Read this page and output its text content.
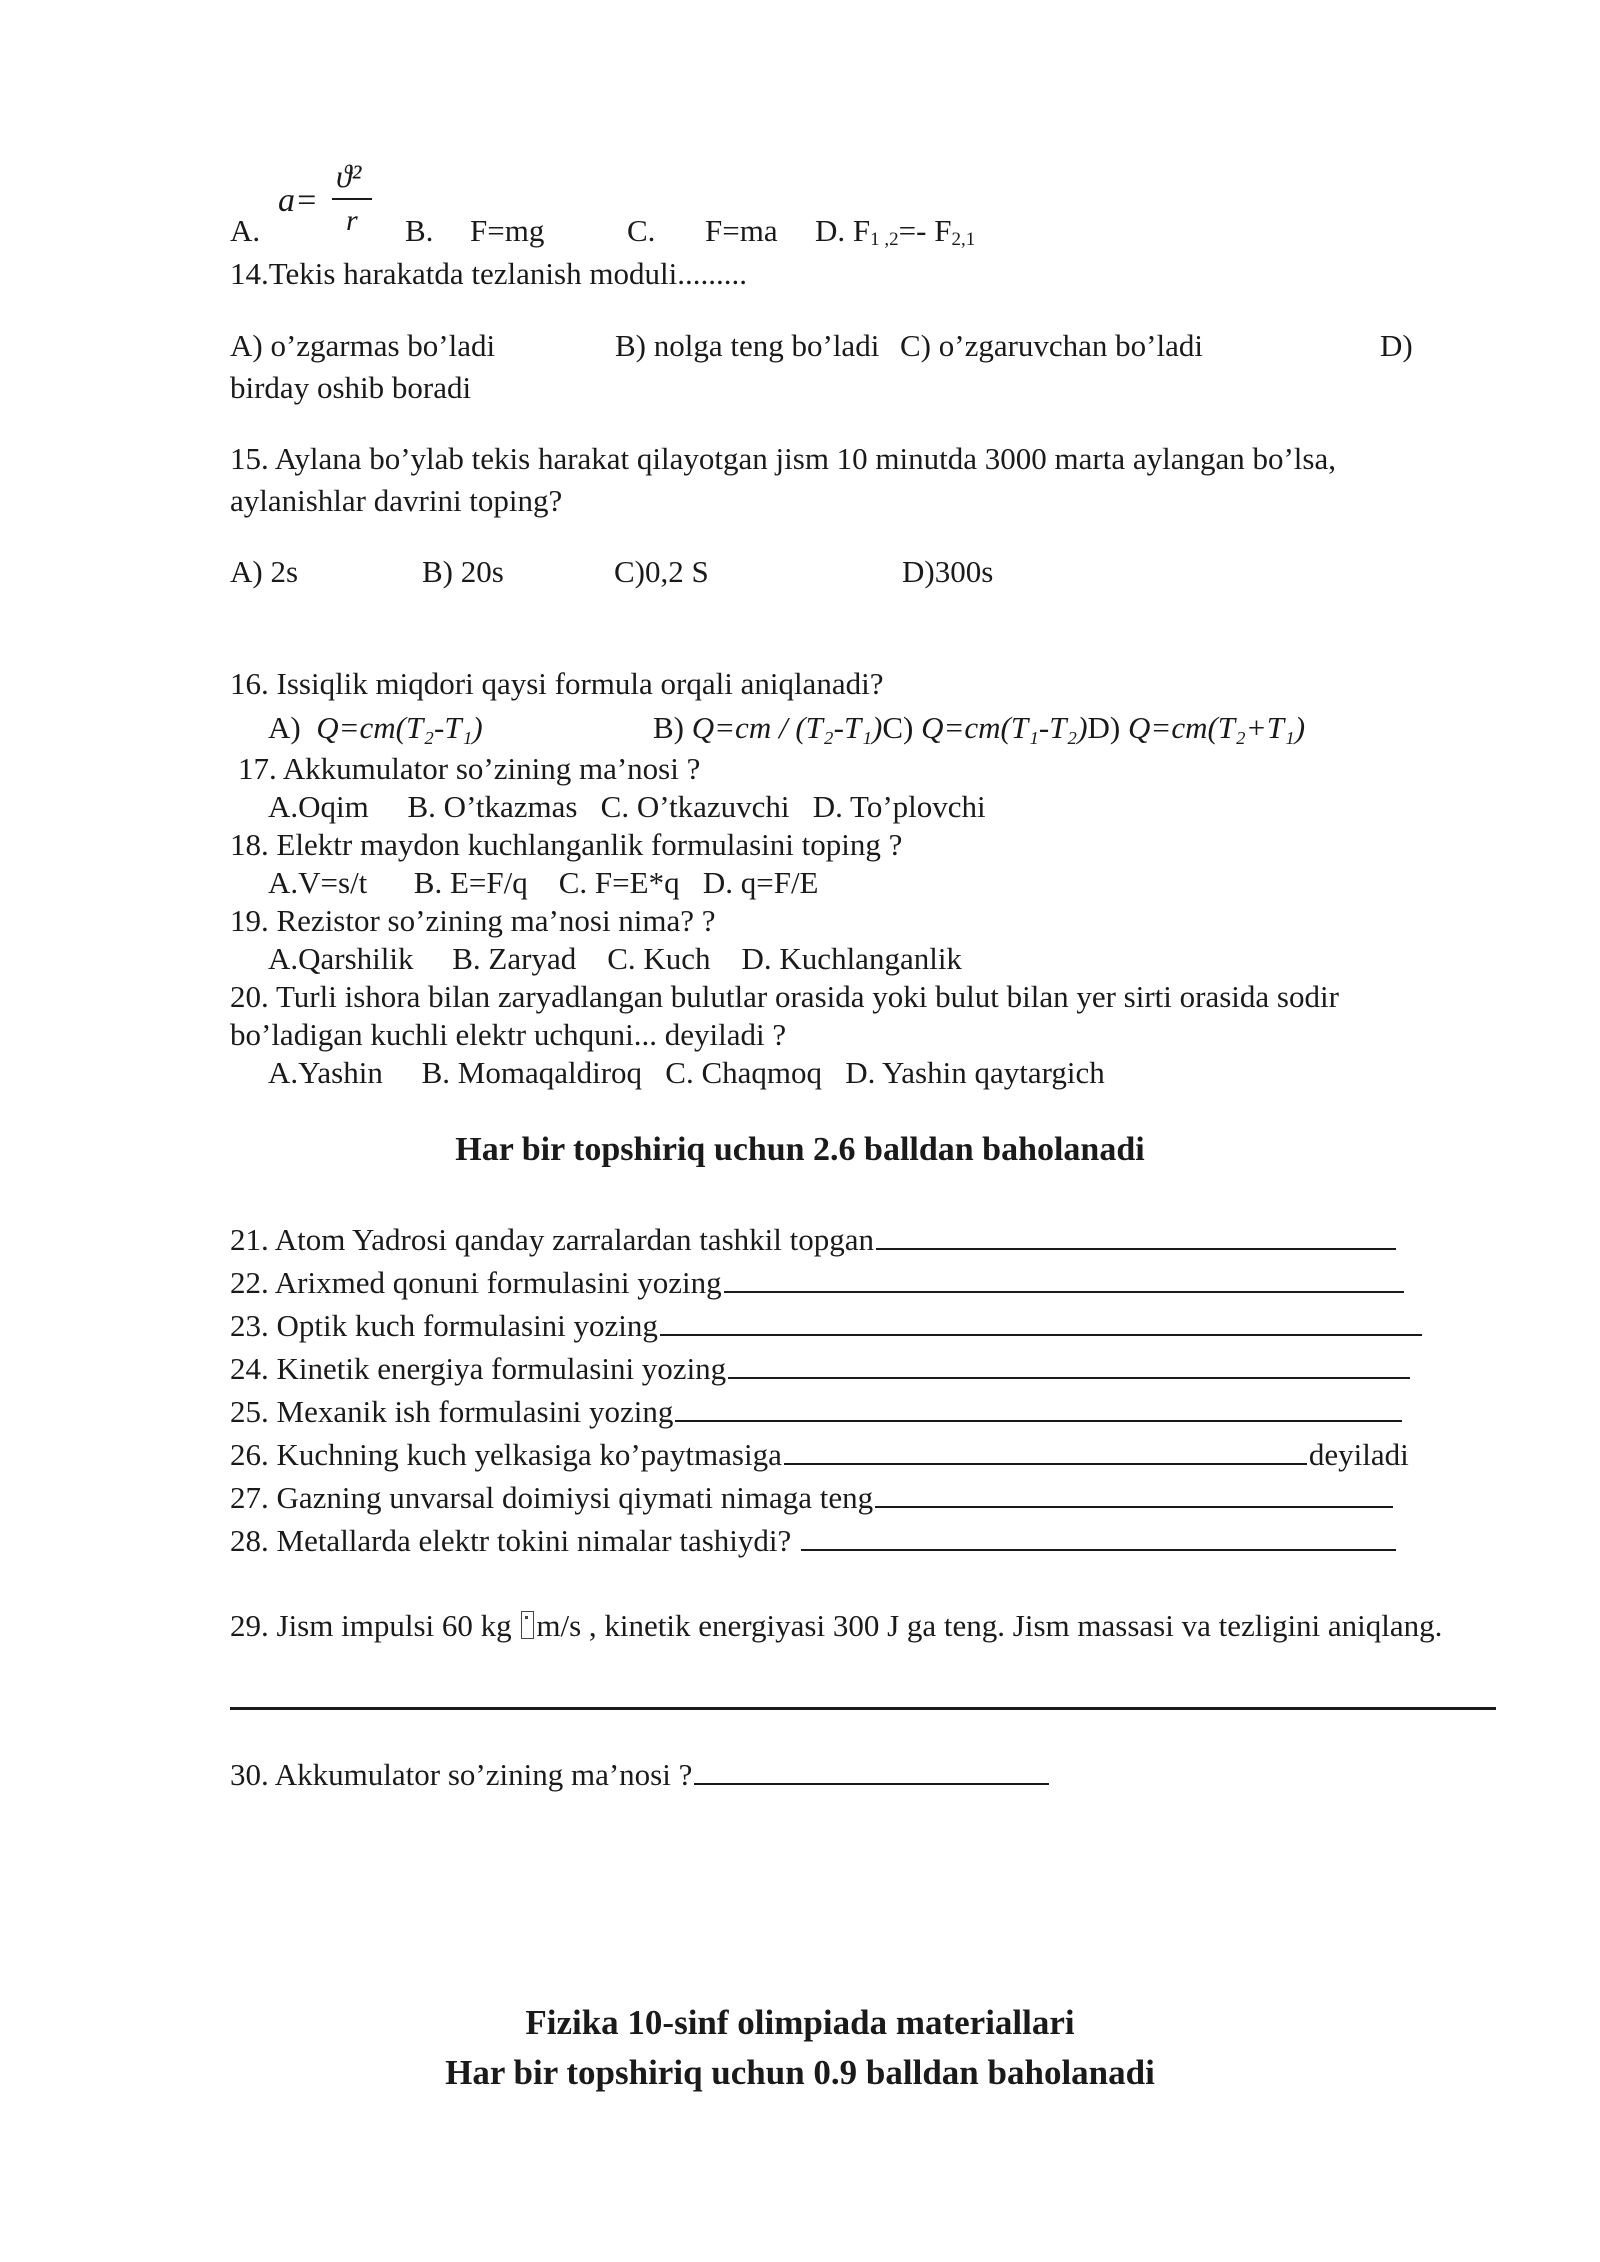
A.
a=
ϑ²
r B. F=mg	C. F=ma D. $F_{1 ,2}=-$ $F_{2,1}$
14.Tekis harakatda tezlanish moduli.........
A) o’zgarmas bo’ladi	B) nolga teng bo’ladi C) o’zgaruvchan bo’ladi	D)
birday oshib boradi
15. Aylana bo’ylab tekis harakat qilayotgan jism 10 minutda 3000 marta aylangan bo’lsa,
aylanishlar davrini toping?
A) 2s	B) 20s	C)0,2 S	D)300s
16. Issiqlik miqdori qaysi formula orqali aniqlanadi?
A) Q=cm(T₂-T₁)	B) Q=cm / (T₂-T₁)C) Q=cm(T₁-T₂)D) Q=cm(T₂+T₁)
17. Akkumulator so’zining ma’nosi ?
A.Oqim     B. O’tkazmas   C. O’tkazuvchi   D. To’plovchi
18. Elektr maydon kuchlanganlik formulasini toping ?
A.V=s/t      B. E=F/q    C. F=E*q   D. q=F/E
19. Rezistor so’zining ma’nosi nima? ?
A.Qarshilik     B. Zaryad    C. Kuch    D. Kuchlanganlik
20. Turli ishora bilan zaryadlangan bulutlar orasida yoki bulut bilan yer sirti orasida sodir
bo’ladigan kuchli elektr uchquni... deyiladi ?
A.Yashin     B. Momaqaldiroq   C. Chaqmoq   D. Yashin qaytargich
Har bir topshiriq uchun 2.6 balldan baholanadi
21. Atom Yadrosi qanday zarralardan tashkil topgan
22. Arixmed qonuni formulasini yozing
23. Optik kuch formulasini yozing
24. Kinetik energiya formulasini yozing
25. Mexanik ish formulasini yozing
26. Kuchning kuch yelkasiga ko’paytmasiga	deyiladi
27. Gazning unvarsal doimiysi qiymati nimaga teng
28. Metallarda elektr tokini nimalar tashiydi?
29. Jism impulsi 60 kg m/s , kinetik energiyasi 300 J ga teng. Jism massasi va tezligini aniqlang.
30. Akkumulator so’zining ma’nosi ?
Fizika 10-sinf olimpiada materiallari
Har bir topshiriq uchun 0.9 balldan baholanadi
